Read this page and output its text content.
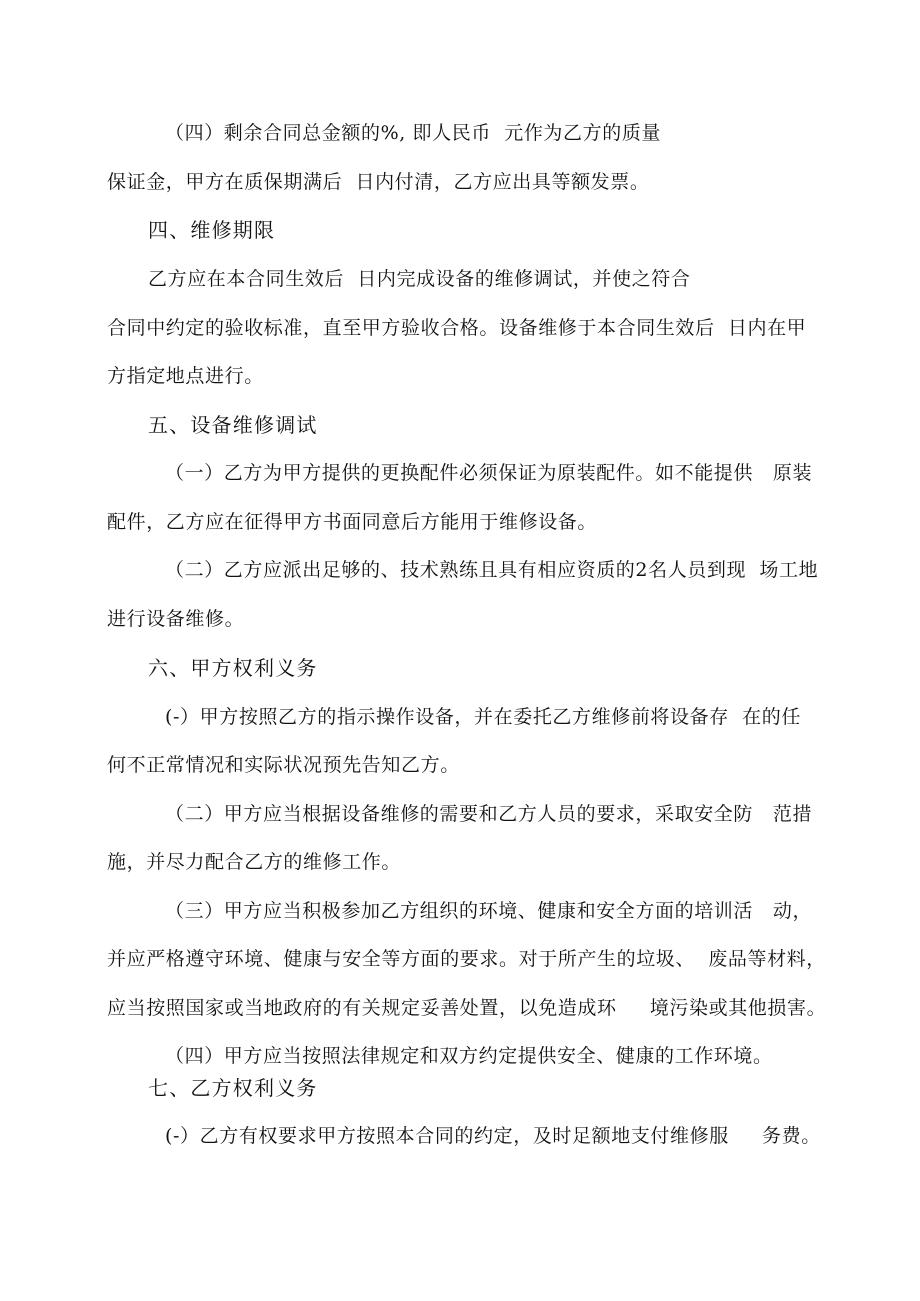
（四）剩余合同总金额的%, 即人民币  元作为乙方的质量
保证金，甲方在质保期满后  日内付清，乙方应出具等额发票。
四、维修期限
乙方应在本合同生效后  日内完成设备的维修调试，并使之符合
合同中约定的验收标准，直至甲方验收合格。设备维修于本合同生效后  日内在甲
方指定地点进行。
五、设备维修调试
（一）乙方为甲方提供的更换配件必须保证为原装配件。如不能提供   原装
配件，乙方应在征得甲方书面同意后方能用于维修设备。
（二）乙方应派出足够的、技术熟练且具有相应资质的2名人员到现  场工地
进行设备维修。
六、甲方权利义务
(-）甲方按照乙方的指示操作设备，并在委托乙方维修前将设备存  在的任
何不正常情况和实际状况预先告知乙方。
（二）甲方应当根据设备维修的需要和乙方人员的要求，采取安全防   范措
施，并尽力配合乙方的维修工作。
（三）甲方应当积极参加乙方组织的环境、健康和安全方面的培训活   动，
并应严格遵守环境、健康与安全等方面的要求。对于所产生的垃圾、  废品等材料，
应当按照国家或当地政府的有关规定妥善处置，以免造成环     境污染或其他损害。
（四）甲方应当按照法律规定和双方约定提供安全、健康的工作环境。
七、乙方权利义务
(-）乙方有权要求甲方按照本合同的约定，及时足额地支付维修服     务费。
